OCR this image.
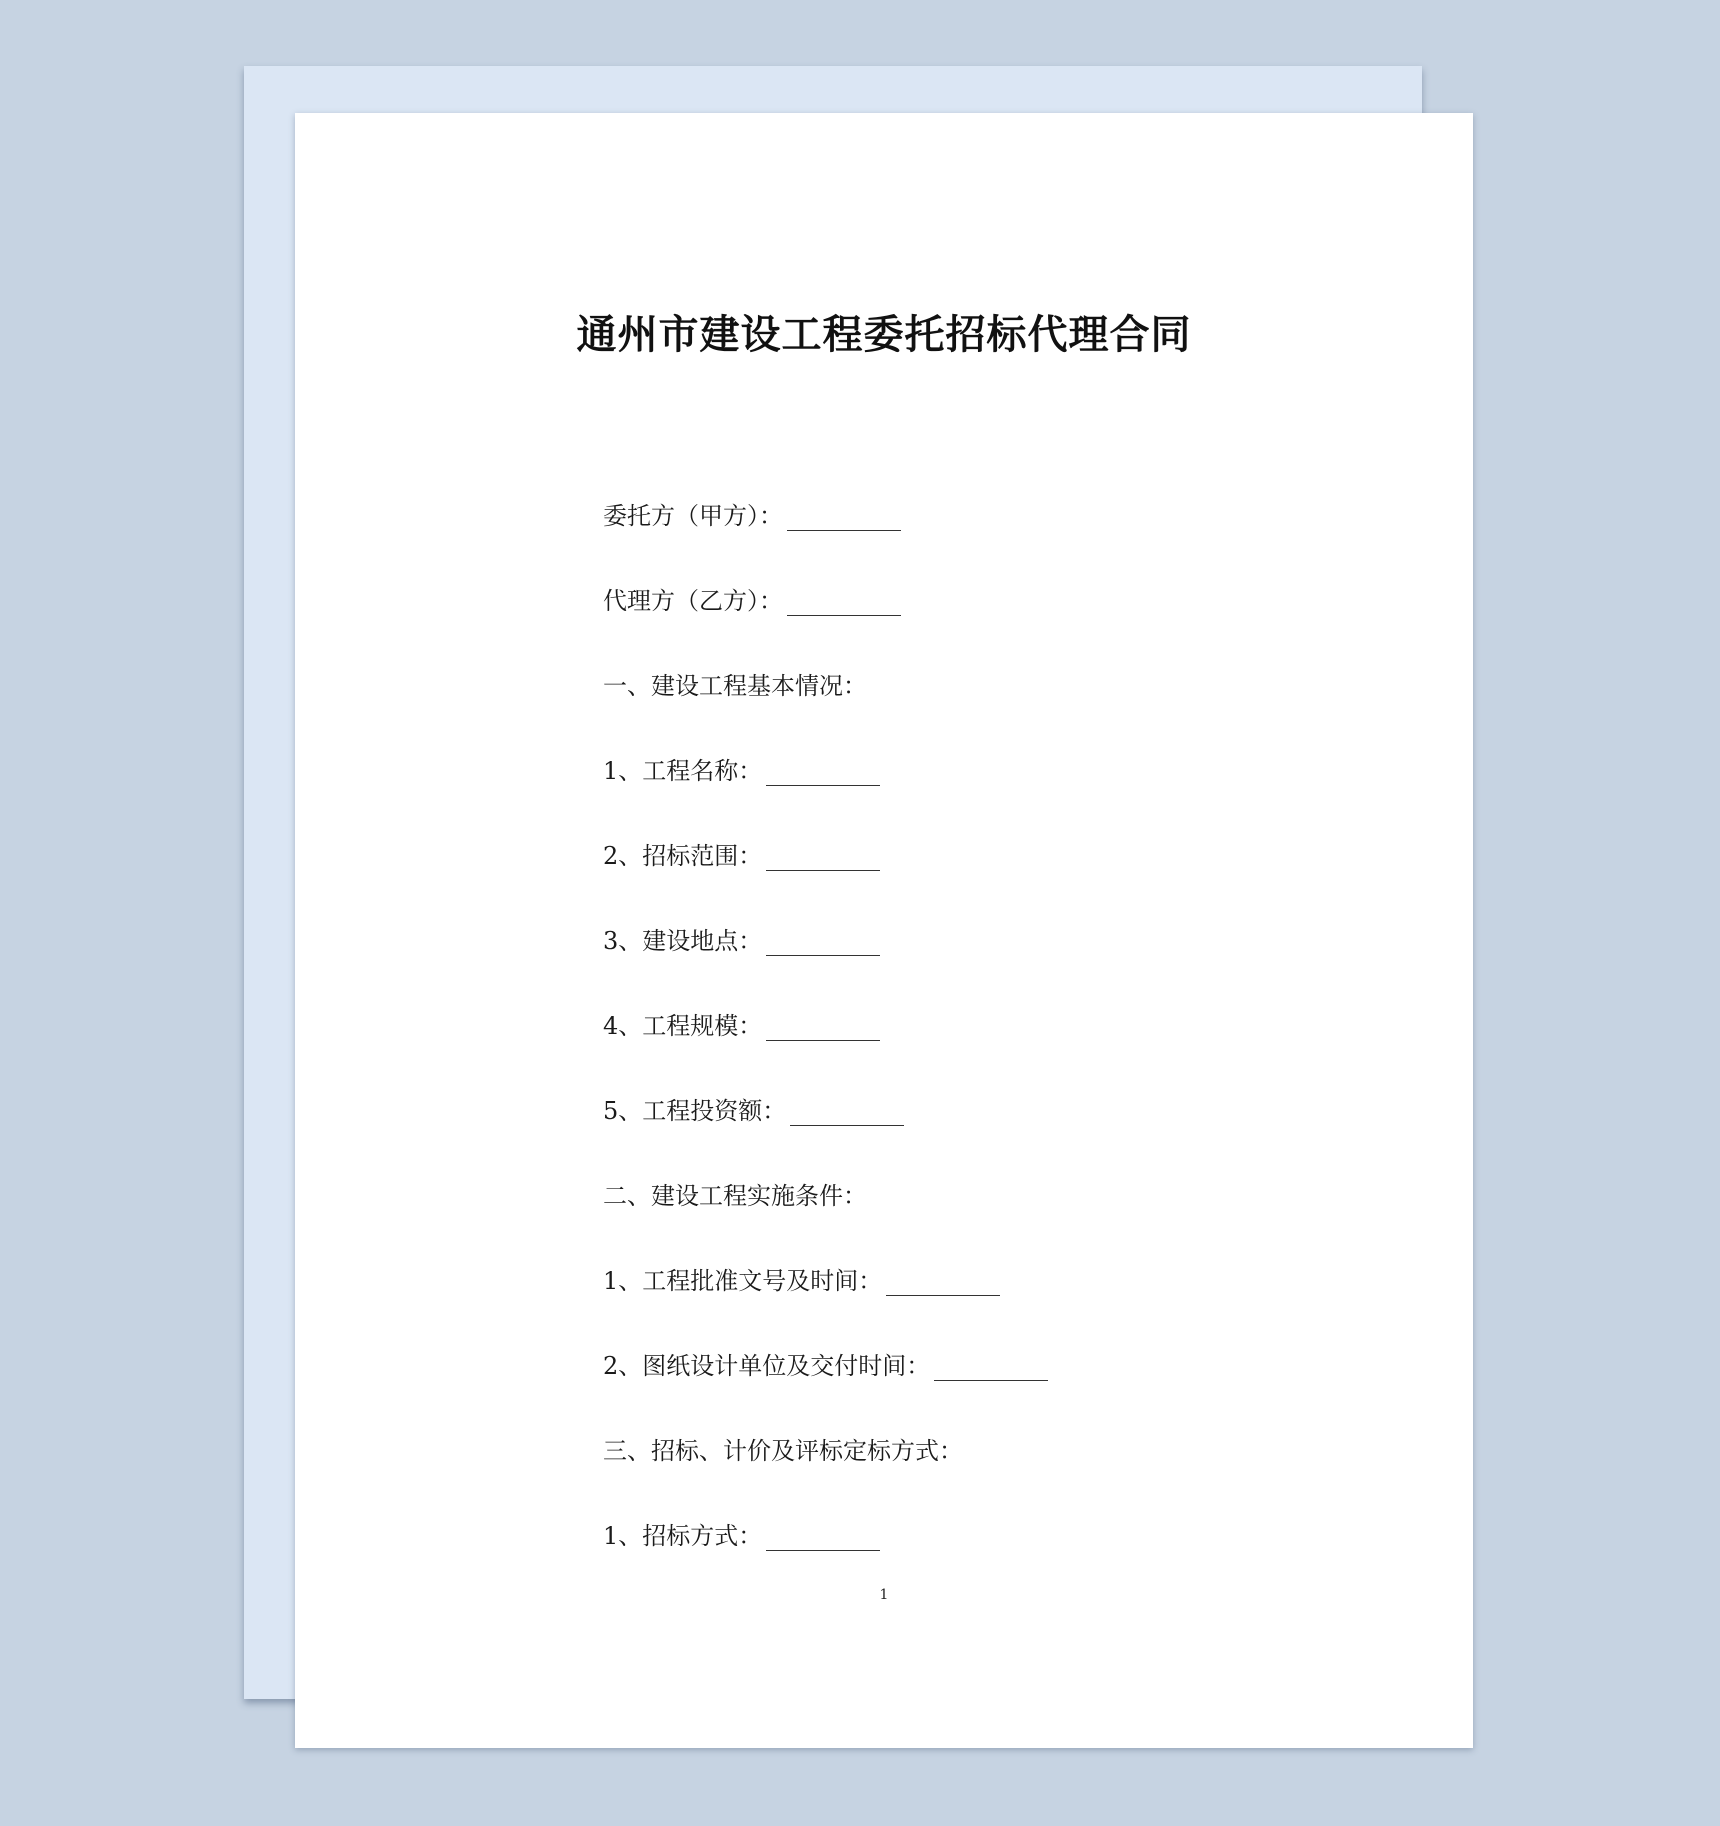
通州市建设工程委托招标代理合同
委托方（甲方）：
代理方（乙方）：
一、建设工程基本情况：
1、工程名称：
2、招标范围：
3、建设地点：
4、工程规模：
5、工程投资额：
二、建设工程实施条件：
1、工程批准文号及时间：
2、图纸设计单位及交付时间：
三、招标、计价及评标定标方式：
1、招标方式：
1
